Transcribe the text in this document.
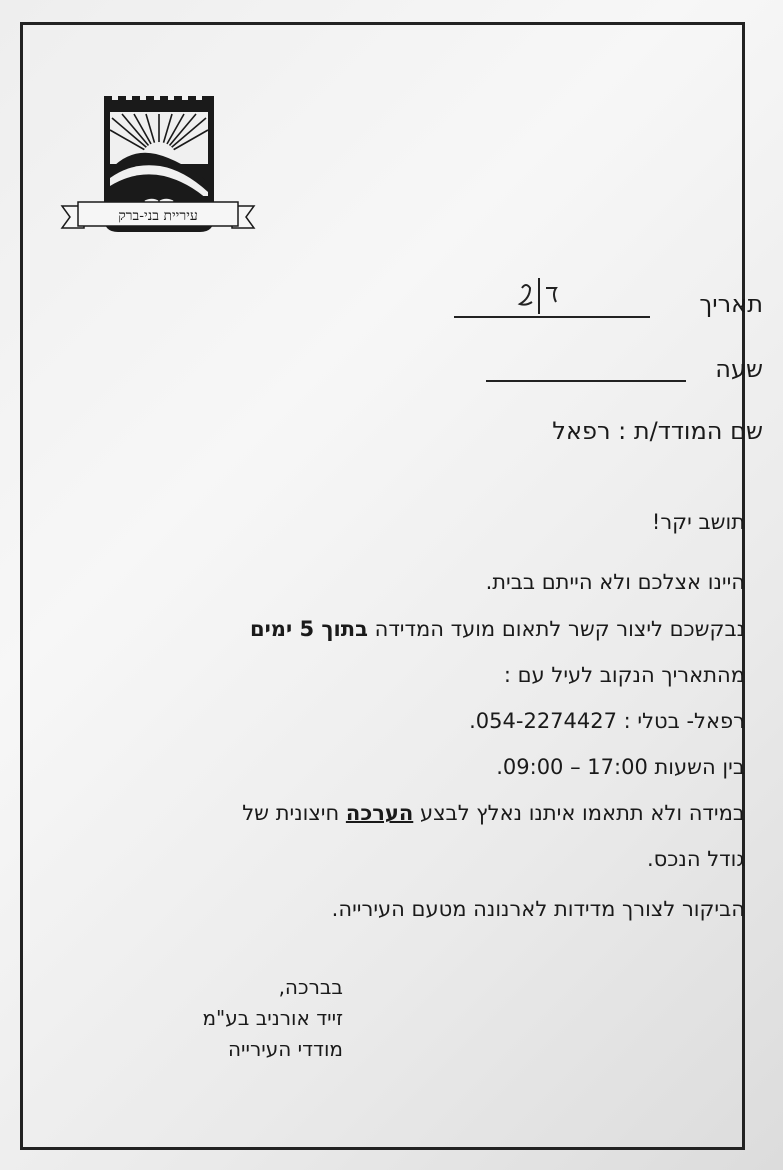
עיריית בני-ברק
תאריך
שעה
שם המודד/ת : רפאל
תושב יקר!
היינו אצלכם ולא הייתם בבית.
נבקשכם ליצור קשר לתאום מועד המדידה בתוך 5 ימים
מהתאריך הנקוב לעיל עם :
רפאל- בטלי : 054-2274427.
בין השעות 17:00 – 09:00.
במידה ולא תתאמו איתנו נאלץ לבצע הערכה חיצונית של
גודל הנכס.
הביקור לצורך מדידות לארנונה מטעם העירייה.
בברכה,
זייד אורניב בע"מ
מודדי העירייה
